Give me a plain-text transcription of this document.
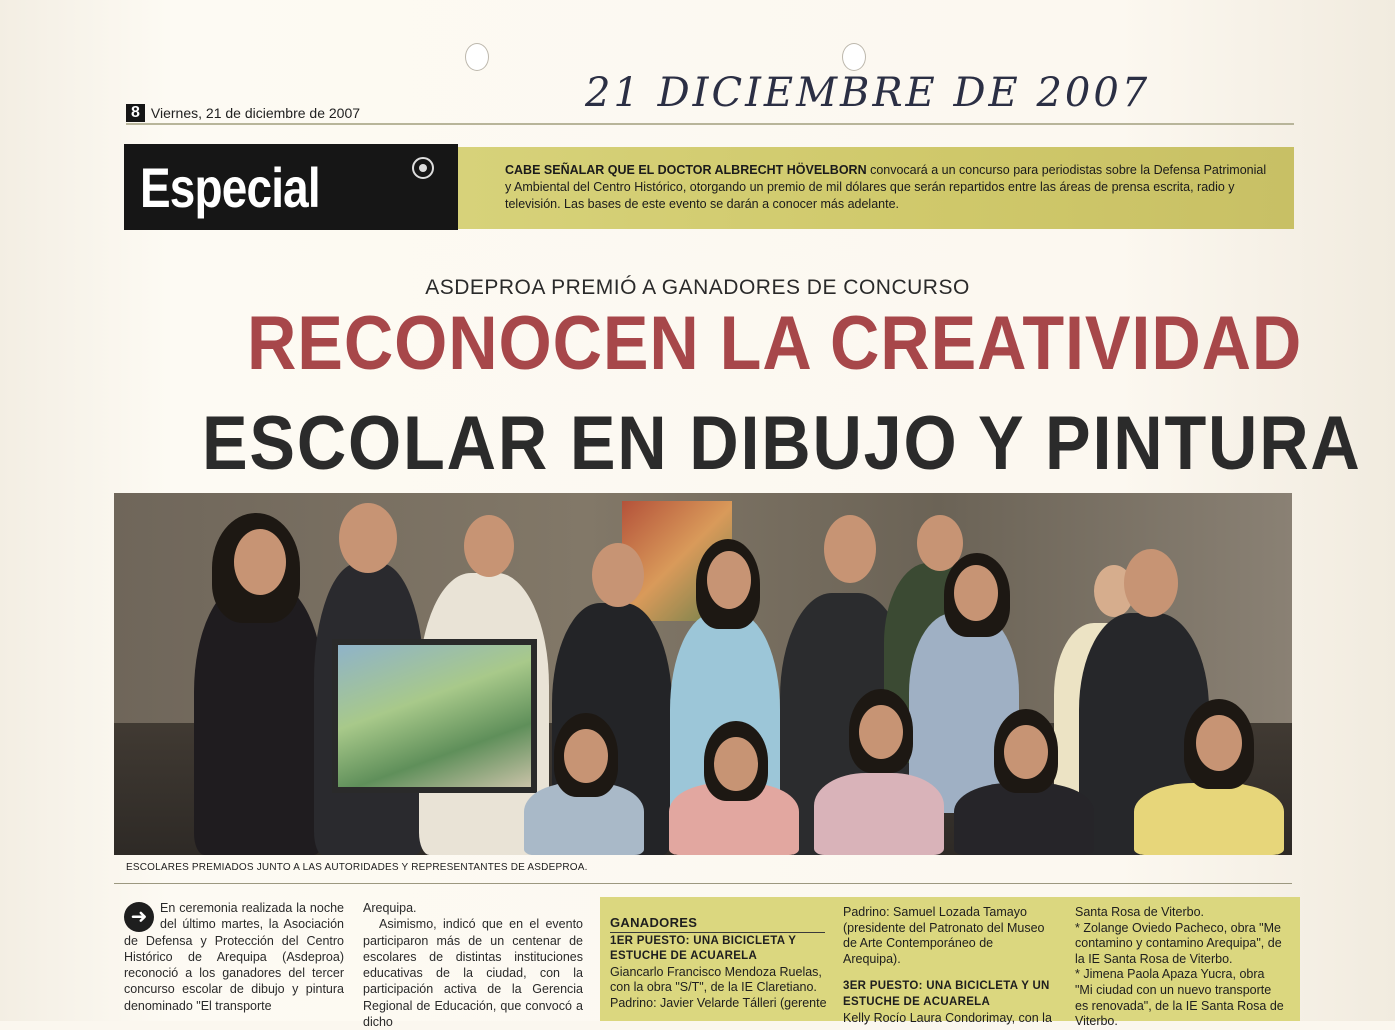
21 DICIEMBRE DE 2007
8 Viernes, 21 de diciembre de 2007
Especial	CABE SEÑALAR QUE EL DOCTOR ALBRECHT HÖVELBORN convocará a un concurso para periodistas sobre la Defensa Patrimonial y Ambiental del Centro Histórico, otorgando un premio de mil dólares que serán repartidos entre las áreas de prensa escrita, radio y televisión. Las bases de este evento se darán a conocer más adelante.
ASDEPROA PREMIÓ A GANADORES DE CONCURSO
RECONOCEN LA CREATIVIDAD
ESCOLAR EN DIBUJO Y PINTURA
ESCOLARES PREMIADOS JUNTO A LAS AUTORIDADES Y REPRESENTANTES DE ASDEPROA.
➜	En ceremonia realizada la noche del último martes, la Asociación de Defensa y Protección del Centro Histórico de Arequipa (Asdeproa) reconoció a los ganadores del tercer concurso escolar de dibujo y pintura denominado "El transporte
Arequipa.
Asimismo, indicó que en el evento participaron más de un centenar de escolares de distintas instituciones educativas de la ciudad, con la participación activa de la Gerencia Regional de Educación, que convocó a dicho
GANADORES
1ER PUESTO: UNA BICICLETA Y ESTUCHE DE ACUARELA
Giancarlo Francisco Mendoza Ruelas, con la obra "S/T", de la IE Claretiano. Padrino: Javier Velarde Tálleri (gerente
Padrino: Samuel Lozada Tamayo (presidente del Patronato del Museo de Arte Contemporáneo de Arequipa).
3ER PUESTO: UNA BICICLETA Y UN ESTUCHE DE ACUARELA
Kelly Rocío Laura Condorimay, con la
Santa Rosa de Viterbo.
* Zolange Oviedo Pacheco, obra "Me contamino y contamino Arequipa", de la IE Santa Rosa de Viterbo.
* Jimena Paola Apaza Yucra, obra "Mi ciudad con un nuevo transporte es renovada", de la IE Santa Rosa de Viterbo.
